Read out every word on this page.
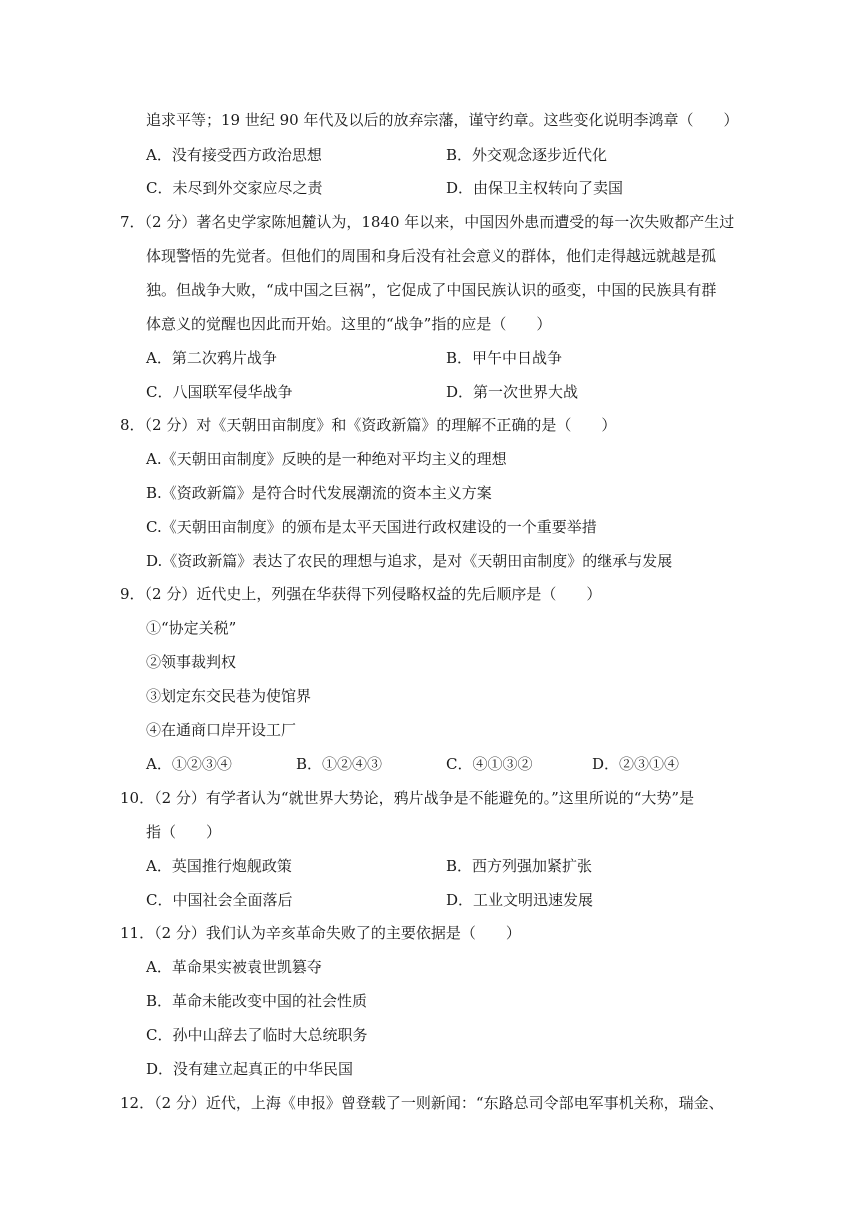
追求平等；19 世纪 90 年代及以后的放弃宗藩，谨守约章。这些变化说明李鸿章（　　）
A．没有接受西方政治思想	B．外交观念逐步近代化
C．未尽到外交家应尽之责	D．由保卫主权转向了卖国
7．（2 分）著名史学家陈旭麓认为，1840 年以来，中国因外患而遭受的每一次失败都产生过
体现警悟的先觉者。但他们的周围和身后没有社会意义的群体，他们走得越远就越是孤
独。但战争大败，“成中国之巨祸”，它促成了中国民族认识的亟变，中国的民族具有群
体意义的觉醒也因此而开始。这里的“战争”指的应是（　　）
A．第二次鸦片战争	B．甲午中日战争
C．八国联军侵华战争	D．第一次世界大战
8．（2 分）对《天朝田亩制度》和《资政新篇》的理解不正确的是（　　）
A.《天朝田亩制度》反映的是一种绝对平均主义的理想
B.《资政新篇》是符合时代发展潮流的资本主义方案
C.《天朝田亩制度》的颁布是太平天国进行政权建设的一个重要举措
D.《资政新篇》表达了农民的理想与追求，是对《天朝田亩制度》的继承与发展
9．（2 分）近代史上，列强在华获得下列侵略权益的先后顺序是（　　）
①“协定关税”
②领事裁判权
③划定东交民巷为使馆界
④在通商口岸开设工厂
A．①②③④	B．①②④③	C．④①③②	D．②③①④
10．（2 分）有学者认为“就世界大势论，鸦片战争是不能避免的。”这里所说的“大势”是
指（　　）
A．英国推行炮舰政策	B．西方列强加紧扩张
C．中国社会全面落后	D．工业文明迅速发展
11．（2 分）我们认为辛亥革命失败了的主要依据是（　　）
A．革命果实被袁世凯篡夺
B．革命未能改变中国的社会性质
C．孙中山辞去了临时大总统职务
D．没有建立起真正的中华民国
12．（2 分）近代，上海《申报》曾登载了一则新闻：“东路总司令部电军事机关称，瑞金、
